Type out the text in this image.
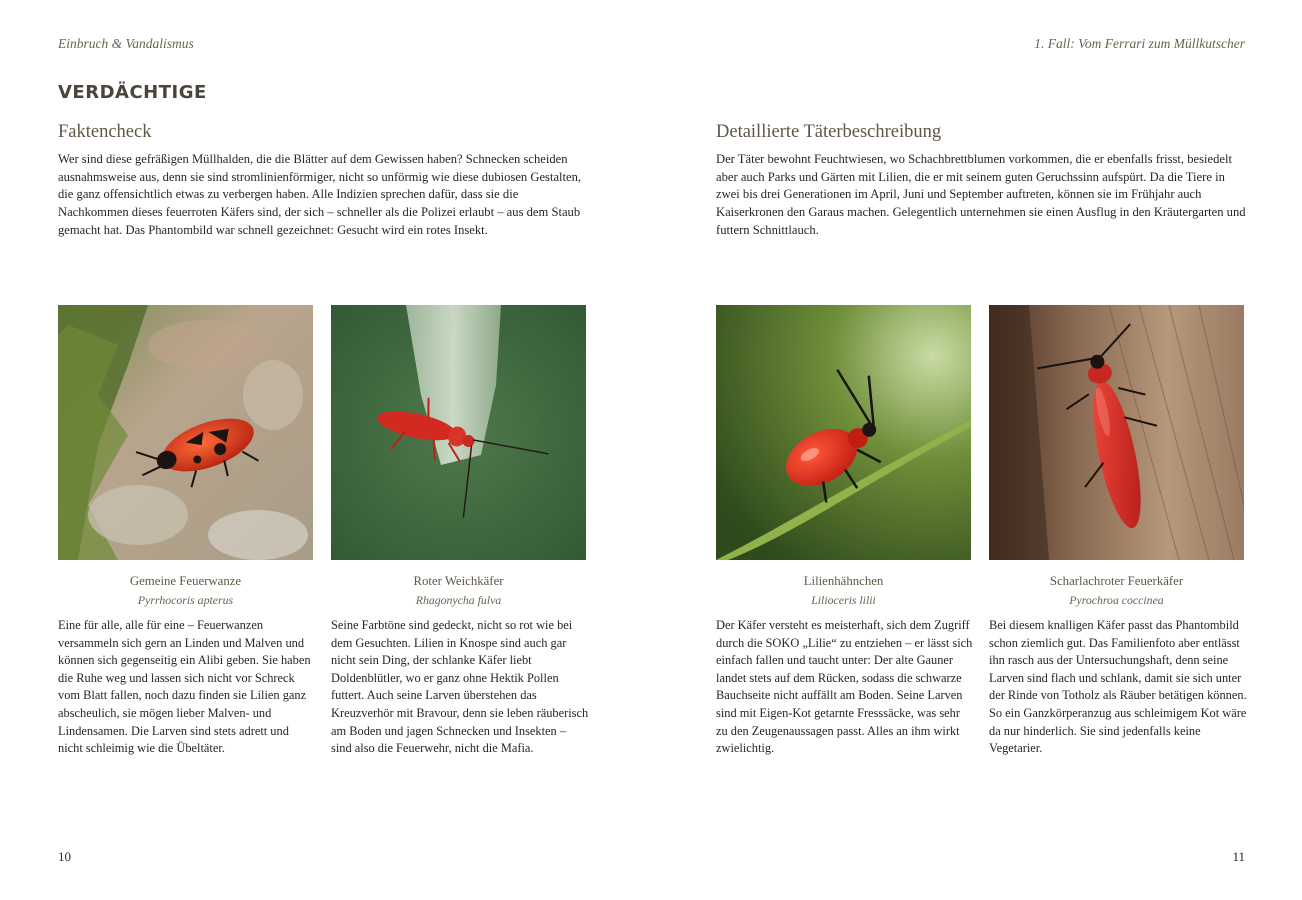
Einbruch & Vandalismus
VERDÄCHTIGE
Faktencheck
Wer sind diese gefräßigen Müllhalden, die die Blätter auf dem Gewissen haben? Schnecken scheiden ausnahmsweise aus, denn sie sind stromlinienförmiger, nicht so unförmig wie diese dubiosen Gestalten, die ganz offensichtlich etwas zu verbergen haben. Alle Indizien sprechen dafür, dass sie die Nachkommen dieses feuerroten Käfers sind, der sich – schneller als die Polizei erlaubt – aus dem Staub gemacht hat. Das Phantombild war schnell gezeichnet: Gesucht wird ein rotes Insekt.
Gemeine Feuerwanze
Pyrrhocoris apterus
Eine für alle, alle für eine – Feuerwanzen versammeln sich gern an Linden und Malven und können sich gegenseitig ein Alibi geben. Sie haben die Ruhe weg und lassen sich nicht vor Schreck vom Blatt fallen, noch dazu finden sie Lilien ganz abscheulich, sie mögen lieber Malven- und Lindensamen. Die Larven sind stets adrett und nicht schleimig wie die Übeltäter.
Roter Weichkäfer
Rhagonycha fulva
Seine Farbtöne sind gedeckt, nicht so rot wie bei dem Gesuchten. Lilien in Knospe sind auch gar nicht sein Ding, der schlanke Käfer liebt Doldenblütler, wo er ganz ohne Hektik Pollen futtert. Auch seine Larven überstehen das Kreuzverhör mit Bravour, denn sie leben räuberisch am Boden und jagen Schnecken und Insekten – sind also die Feuerwehr, nicht die Mafia.
10
1. Fall: Vom Ferrari zum Müllkutscher
Detaillierte Täterbeschreibung
Der Täter bewohnt Feuchtwiesen, wo Schachbrettblumen vorkommen, die er ebenfalls frisst, besiedelt aber auch Parks und Gärten mit Lilien, die er mit seinem guten Geruchssinn aufspürt. Da die Tiere in zwei bis drei Generationen im April, Juni und September auftreten, können sie im Frühjahr auch Kaiserkronen den Garaus machen. Gelegentlich unternehmen sie einen Ausflug in den Kräutergarten und futtern Schnittlauch.
Lilienhähnchen
Lilioceris lilii
Der Käfer versteht es meisterhaft, sich dem Zugriff durch die SOKO „Lilie“ zu entziehen – er lässt sich einfach fallen und taucht unter: Der alte Gauner landet stets auf dem Rücken, sodass die schwarze Bauchseite nicht auffällt am Boden. Seine Larven sind mit Eigen-Kot getarnte Fresssäcke, was sehr zu den Zeugenaussagen passt. Alles an ihm wirkt zwielichtig.
Scharlachroter Feuerkäfer
Pyrochroa coccinea
Bei diesem knalligen Käfer passt das Phantombild schon ziemlich gut. Das Familienfoto aber entlässt ihn rasch aus der Untersuchungshaft, denn seine Larven sind flach und schlank, damit sie sich unter der Rinde von Totholz als Räuber betätigen können. So ein Ganzkörperanzug aus schleimigem Kot wäre da nur hinderlich. Sie sind jedenfalls keine Vegetarier.
11
